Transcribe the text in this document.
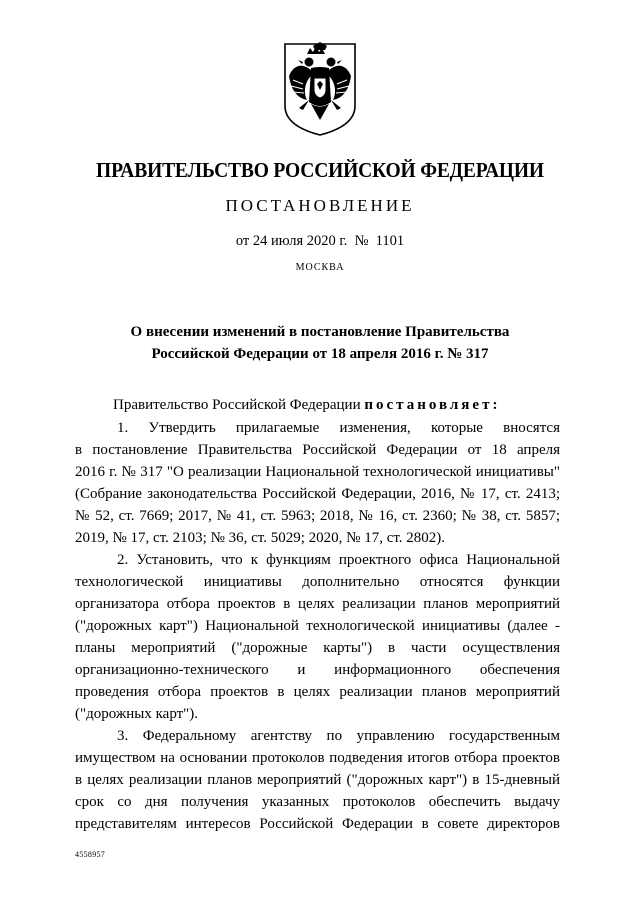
ПРАВИТЕЛЬСТВО РОССИЙСКОЙ ФЕДЕРАЦИИ
ПОСТАНОВЛЕНИЕ
от 24 июля 2020 г.  №  1101
МОСКВА
О внесении изменений в постановление Правительства
Российской Федерации от 18 апреля 2016 г. № 317
Правительство Российской Федерации постановляет:
1. Утвердить прилагаемые изменения, которые вносятся
в постановление Правительства Российской Федерации от 18 апреля
2016 г. № 317 "О реализации Национальной технологической инициативы"
(Собрание законодательства Российской Федерации, 2016, № 17, ст. 2413;
№ 52, ст. 7669; 2017, № 41, ст. 5963; 2018, № 16, ст. 2360; № 38, ст. 5857;
2019, № 17, ст. 2103; № 36, ст. 5029; 2020, № 17, ст. 2802).
2. Установить, что к функциям проектного офиса Национальной
технологической инициативы дополнительно относятся функции
организатора отбора проектов в целях реализации планов мероприятий
("дорожных карт") Национальной технологической инициативы (далее -
планы мероприятий ("дорожные карты") в части осуществления
организационно-технического и информационного обеспечения
проведения отбора проектов в целях реализации планов мероприятий
("дорожных карт").
3. Федеральному агентству по управлению государственным
имуществом на основании протоколов подведения итогов отбора проектов
в целях реализации планов мероприятий ("дорожных карт") в 15-дневный
срок со дня получения указанных протоколов обеспечить выдачу
представителям интересов Российской Федерации в совете директоров
4558957
